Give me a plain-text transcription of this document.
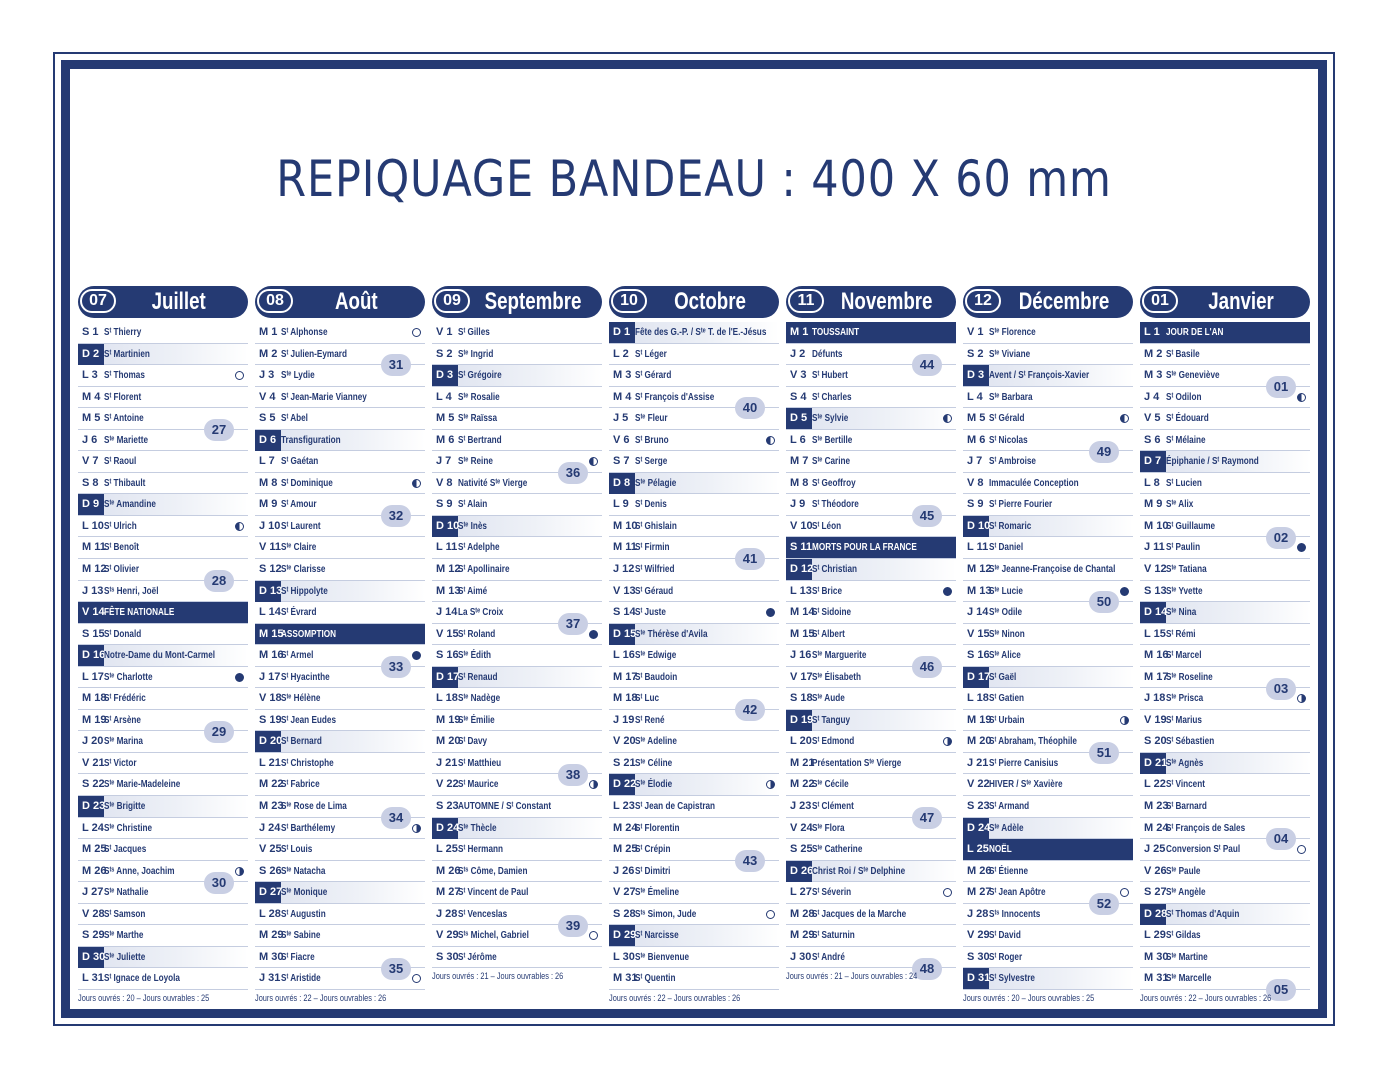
REPIQUAGE BANDEAU : 400 X 60 mm
07	Juillet
S 1 Sᵗ Thierry
D 2 Sᵗ Martinien
L 3 Sᵗ Thomas
M 4 Sᵗ Florent
M 5 Sᵗ Antoine
J 6 Sᵗᵉ Mariette
V 7 Sᵗ Raoul
S 8 Sᵗ Thibault
D 9 Sᵗᵉ Amandine
L 10Sᵗ Ulrich
M 11Sᵗ Benoît
M 12Sᵗ Olivier
J 13Sᵗˢ Henri, Joël
V 14FÊTE NATIONALE
S 15Sᵗ Donald
D 16Notre-Dame du Mont-Carmel
L 17Sᵗᵉ Charlotte
M 18Sᵗ Frédéric
M 19Sᵗ Arsène
J 20Sᵗᵉ Marina
V 21Sᵗ Victor
S 22Sᵗᵉ Marie-Madeleine
D 23Sᵗᵉ Brigitte
L 24Sᵗᵉ Christine
M 25Sᵗ Jacques
M 26Sᵗˢ Anne, Joachim
J 27Sᵗᵉ Nathalie
V 28Sᵗ Samson
S 29Sᵗᵉ Marthe
D 30Sᵗᵉ Juliette
L 31Sᵗ Ignace de Loyola
27
28
29
30
Jours ouvrés : 20 – Jours ouvrables : 25
08	Août
M 1 Sᵗ Alphonse
M 2 Sᵗ Julien-Eymard
J 3 Sᵗᵉ Lydie
V 4 Sᵗ Jean-Marie Vianney
S 5 Sᵗ Abel
D 6 Transfiguration
L 7 Sᵗ Gaétan
M 8 Sᵗ Dominique
M 9 Sᵗ Amour
J 10Sᵗ Laurent
V 11Sᵗᵉ Claire
S 12Sᵗᵉ Clarisse
D 13Sᵗ Hippolyte
L 14Sᵗ Évrard
M 15ASSOMPTION
M 16Sᵗ Armel
J 17Sᵗ Hyacinthe
V 18Sᵗᵉ Hélène
S 19Sᵗ Jean Eudes
D 20Sᵗ Bernard
L 21Sᵗ Christophe
M 22Sᵗ Fabrice
M 23Sᵗᵉ Rose de Lima
J 24Sᵗ Barthélemy
V 25Sᵗ Louis
S 26Sᵗᵉ Natacha
D 27Sᵗᵉ Monique
L 28Sᵗ Augustin
M 29Sᵗᵉ Sabine
M 30Sᵗ Fiacre
J 31Sᵗ Aristide
31
32
33
34
35
Jours ouvrés : 22 – Jours ouvrables : 26
09 Septembre
V 1 Sᵗ Gilles
S 2 Sᵗᵉ Ingrid
D 3 Sᵗ Grégoire
L 4 Sᵗᵉ Rosalie
M 5 Sᵗᵉ Raïssa
M 6 Sᵗ Bertrand
J 7 Sᵗᵉ Reine
V 8 Nativité Sᵗᵉ Vierge
S 9 Sᵗ Alain
D 10Sᵗᵉ Inès
L 11Sᵗ Adelphe
M 12Sᵗ Apollinaire
M 13Sᵗ Aimé
J 14La Sᵗᵉ Croix
V 15Sᵗ Roland
S 16Sᵗᵉ Édith
D 17Sᵗ Renaud
L 18Sᵗᵉ Nadège
M 19Sᵗᵉ Émilie
M 20Sᵗ Davy
J 21Sᵗ Matthieu
V 22Sᵗ Maurice
S 23AUTOMNE / Sᵗ Constant
D 24Sᵗᵉ Thècle
L 25Sᵗ Hermann
M 26Sᵗˢ Côme, Damien
M 27Sᵗ Vincent de Paul
J 28Sᵗ Venceslas
V 29Sᵗˢ Michel, Gabriel
S 30Sᵗ Jérôme
36
37
38
39
Jours ouvrés : 21 – Jours ouvrables : 26
10	Octobre
D 1 Fête des G.-P. / Sᵗᵉ T. de l'E.-Jésus
L 2 Sᵗ Léger
M 3 Sᵗ Gérard
M 4 Sᵗ François d'Assise
J 5 Sᵗᵉ Fleur
V 6 Sᵗ Bruno
S 7 Sᵗ Serge
D 8 Sᵗᵉ Pélagie
L 9 Sᵗ Denis
M 10Sᵗ Ghislain
M 11Sᵗ Firmin
J 12Sᵗ Wilfried
V 13Sᵗ Géraud
S 14Sᵗ Juste
D 15Sᵗᵉ Thérèse d'Avila
L 16Sᵗᵉ Edwige
M 17Sᵗ Baudoin
M 18Sᵗ Luc
J 19Sᵗ René
V 20Sᵗᵉ Adeline
S 21Sᵗᵉ Céline
D 22Sᵗᵉ Élodie
L 23Sᵗ Jean de Capistran
M 24Sᵗ Florentin
M 25Sᵗ Crépin
J 26Sᵗ Dimitri
V 27Sᵗᵉ Émeline
S 28Sᵗˢ Simon, Jude
D 29Sᵗ Narcisse
L 30Sᵗᵉ Bienvenue
M 31Sᵗ Quentin
40
41
42
43
Jours ouvrés : 22 – Jours ouvrables : 26
11	Novembre
M 1 TOUSSAINT
J 2 Défunts
V 3 Sᵗ Hubert
S 4 Sᵗ Charles
D 5 Sᵗᵉ Sylvie
L 6 Sᵗᵉ Bertille
M 7 Sᵗᵉ Carine
M 8 Sᵗ Geoffroy
J 9 Sᵗ Théodore
V 10Sᵗ Léon
S 11MORTS POUR LA FRANCE
D 12Sᵗ Christian
L 13Sᵗ Brice
M 14Sᵗ Sidoine
M 15Sᵗ Albert
J 16Sᵗᵉ Marguerite
V 17Sᵗᵉ Élisabeth
S 18Sᵗᵉ Aude
D 19Sᵗ Tanguy
L 20Sᵗ Edmond
M 21Présentation Sᵗᵉ Vierge
M 22Sᵗᵉ Cécile
J 23Sᵗ Clément
V 24Sᵗᵉ Flora
S 25Sᵗᵉ Catherine
D 26Christ Roi / Sᵗᵉ Delphine
L 27Sᵗ Séverin
M 28Sᵗ Jacques de la Marche
M 29Sᵗ Saturnin
J 30Sᵗ André
44
45
46
47
48
Jours ouvrés : 21 – Jours ouvrables : 24
12	Décembre
V 1 Sᵗᵉ Florence
S 2 Sᵗᵉ Viviane
D 3 Avent / Sᵗ François-Xavier
L 4 Sᵗᵉ Barbara
M 5 Sᵗ Gérald
M 6 Sᵗ Nicolas
J 7 Sᵗ Ambroise
V 8 Immaculée Conception
S 9 Sᵗ Pierre Fourier
D 10Sᵗ Romaric
L 11Sᵗ Daniel
M 12Sᵗᵉ Jeanne-Françoise de Chantal
M 13Sᵗᵉ Lucie
J 14Sᵗᵉ Odile
V 15Sᵗᵉ Ninon
S 16Sᵗᵉ Alice
D 17Sᵗ Gaël
L 18Sᵗ Gatien
M 19Sᵗ Urbain
M 20Sᵗ Abraham, Théophile
J 21Sᵗ Pierre Canisius
V 22HIVER / Sᵗᵉ Xavière
S 23Sᵗ Armand
D 24Sᵗᵉ Adèle
L 25NOËL
M 26Sᵗ Étienne
M 27Sᵗ Jean Apôtre
J 28Sᵗˢ Innocents
V 29Sᵗ David
S 30Sᵗ Roger
D 31Sᵗ Sylvestre
49
50
51
52
Jours ouvrés : 20 – Jours ouvrables : 25
01	Janvier
L 1 JOUR DE L'AN
M 2 Sᵗ Basile
M 3 Sᵗᵉ Geneviève
J 4 Sᵗ Odilon
V 5 Sᵗ Édouard
S 6 Sᵗ Mélaine
D 7 Épiphanie / Sᵗ Raymond
L 8 Sᵗ Lucien
M 9 Sᵗᵉ Alix
M 10Sᵗ Guillaume
J 11Sᵗ Paulin
V 12Sᵗᵉ Tatiana
S 13Sᵗᵉ Yvette
D 14Sᵗᵉ Nina
L 15Sᵗ Rémi
M 16Sᵗ Marcel
M 17Sᵗᵉ Roseline
J 18Sᵗᵉ Prisca
V 19Sᵗ Marius
S 20Sᵗ Sébastien
D 21Sᵗᵉ Agnès
L 22Sᵗ Vincent
M 23Sᵗ Barnard
M 24Sᵗ François de Sales
J 25Conversion Sᵗ Paul
V 26Sᵗᵉ Paule
S 27Sᵗᵉ Angèle
D 28Sᵗ Thomas d'Aquin
L 29Sᵗ Gildas
M 30Sᵗᵉ Martine
M 31Sᵗᵉ Marcelle
01
02
03
04
05
Jours ouvrés : 22 – Jours ouvrables : 26
